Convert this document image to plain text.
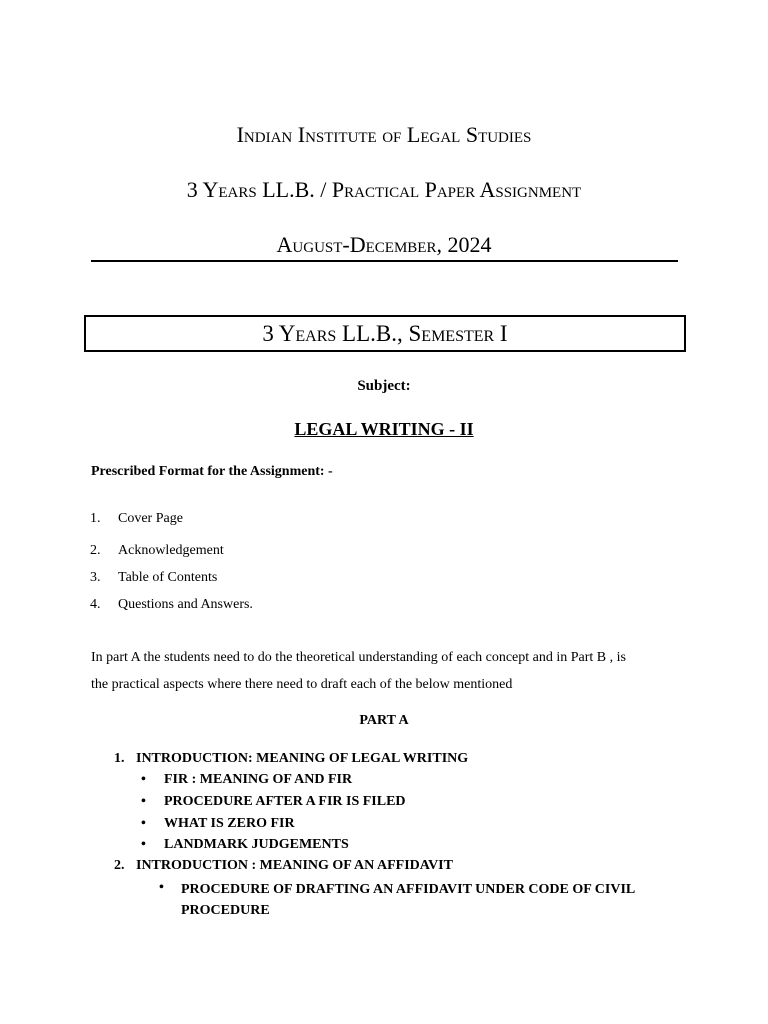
Indian Institute of Legal Studies
3 Years LL.B. / Practical Paper Assignment
August-December, 2024
3 Years LL.B., Semester I
Subject:
LEGAL WRITING - II
Prescribed Format for the Assignment: -
1.	Cover Page
2.	Acknowledgement
3.	Table of Contents
4.	Questions and Answers.
In part A the students need to do the theoretical understanding of each concept and in Part B , is
the practical aspects where there need to draft each of the below mentioned
PART A
1. INTRODUCTION: MEANING OF LEGAL WRITING
• FIR : MEANING OF AND FIR
• PROCEDURE AFTER A FIR IS FILED
• WHAT IS ZERO FIR
• LANDMARK JUDGEMENTS
2. INTRODUCTION : MEANING OF AN AFFIDAVIT
• PROCEDURE OF DRAFTING AN AFFIDAVIT UNDER CODE OF CIVIL PROCEDURE
